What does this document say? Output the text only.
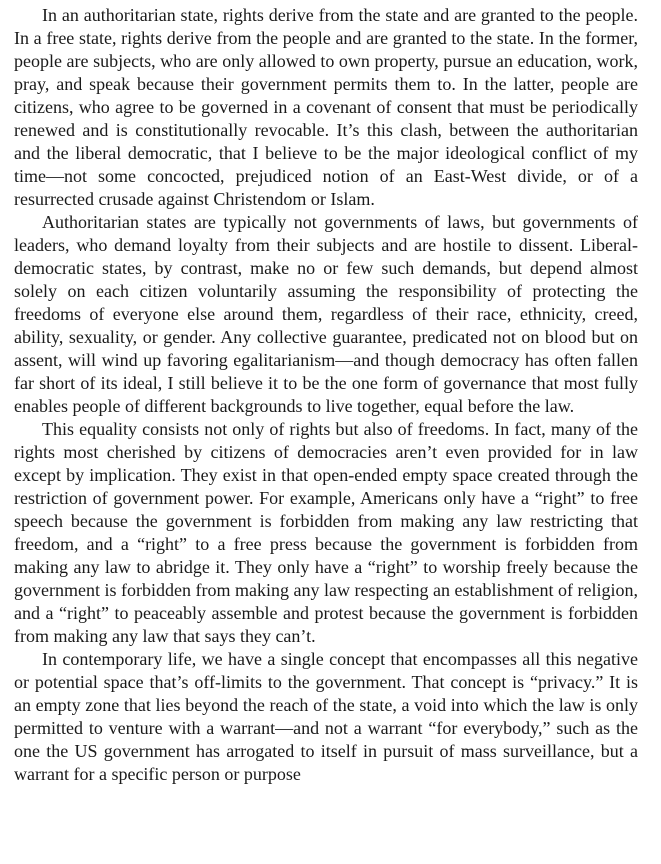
In an authoritarian state, rights derive from the state and are granted to the people. In a free state, rights derive from the people and are granted to the state. In the former, people are subjects, who are only allowed to own property, pursue an education, work, pray, and speak because their government permits them to. In the latter, people are citizens, who agree to be governed in a covenant of consent that must be periodically renewed and is constitutionally revocable. It’s this clash, between the authoritarian and the liberal democratic, that I believe to be the major ideological conflict of my time—not some concocted, prejudiced notion of an East-West divide, or of a resurrected crusade against Christendom or Islam.

Authoritarian states are typically not governments of laws, but governments of leaders, who demand loyalty from their subjects and are hostile to dissent. Liberal-democratic states, by contrast, make no or few such demands, but depend almost solely on each citizen voluntarily assuming the responsibility of protecting the freedoms of everyone else around them, regardless of their race, ethnicity, creed, ability, sexuality, or gender. Any collective guarantee, predicated not on blood but on assent, will wind up favoring egalitarianism—and though democracy has often fallen far short of its ideal, I still believe it to be the one form of governance that most fully enables people of different backgrounds to live together, equal before the law.

This equality consists not only of rights but also of freedoms. In fact, many of the rights most cherished by citizens of democracies aren’t even provided for in law except by implication. They exist in that open-ended empty space created through the restriction of government power. For example, Americans only have a “right” to free speech because the government is forbidden from making any law restricting that freedom, and a “right” to a free press because the government is forbidden from making any law to abridge it. They only have a “right” to worship freely because the government is forbidden from making any law respecting an establishment of religion, and a “right” to peaceably assemble and protest because the government is forbidden from making any law that says they can’t.

In contemporary life, we have a single concept that encompasses all this negative or potential space that’s off-limits to the government. That concept is “privacy.” It is an empty zone that lies beyond the reach of the state, a void into which the law is only permitted to venture with a warrant—and not a warrant “for everybody,” such as the one the US government has arrogated to itself in pursuit of mass surveillance, but a warrant for a specific person or purpose
